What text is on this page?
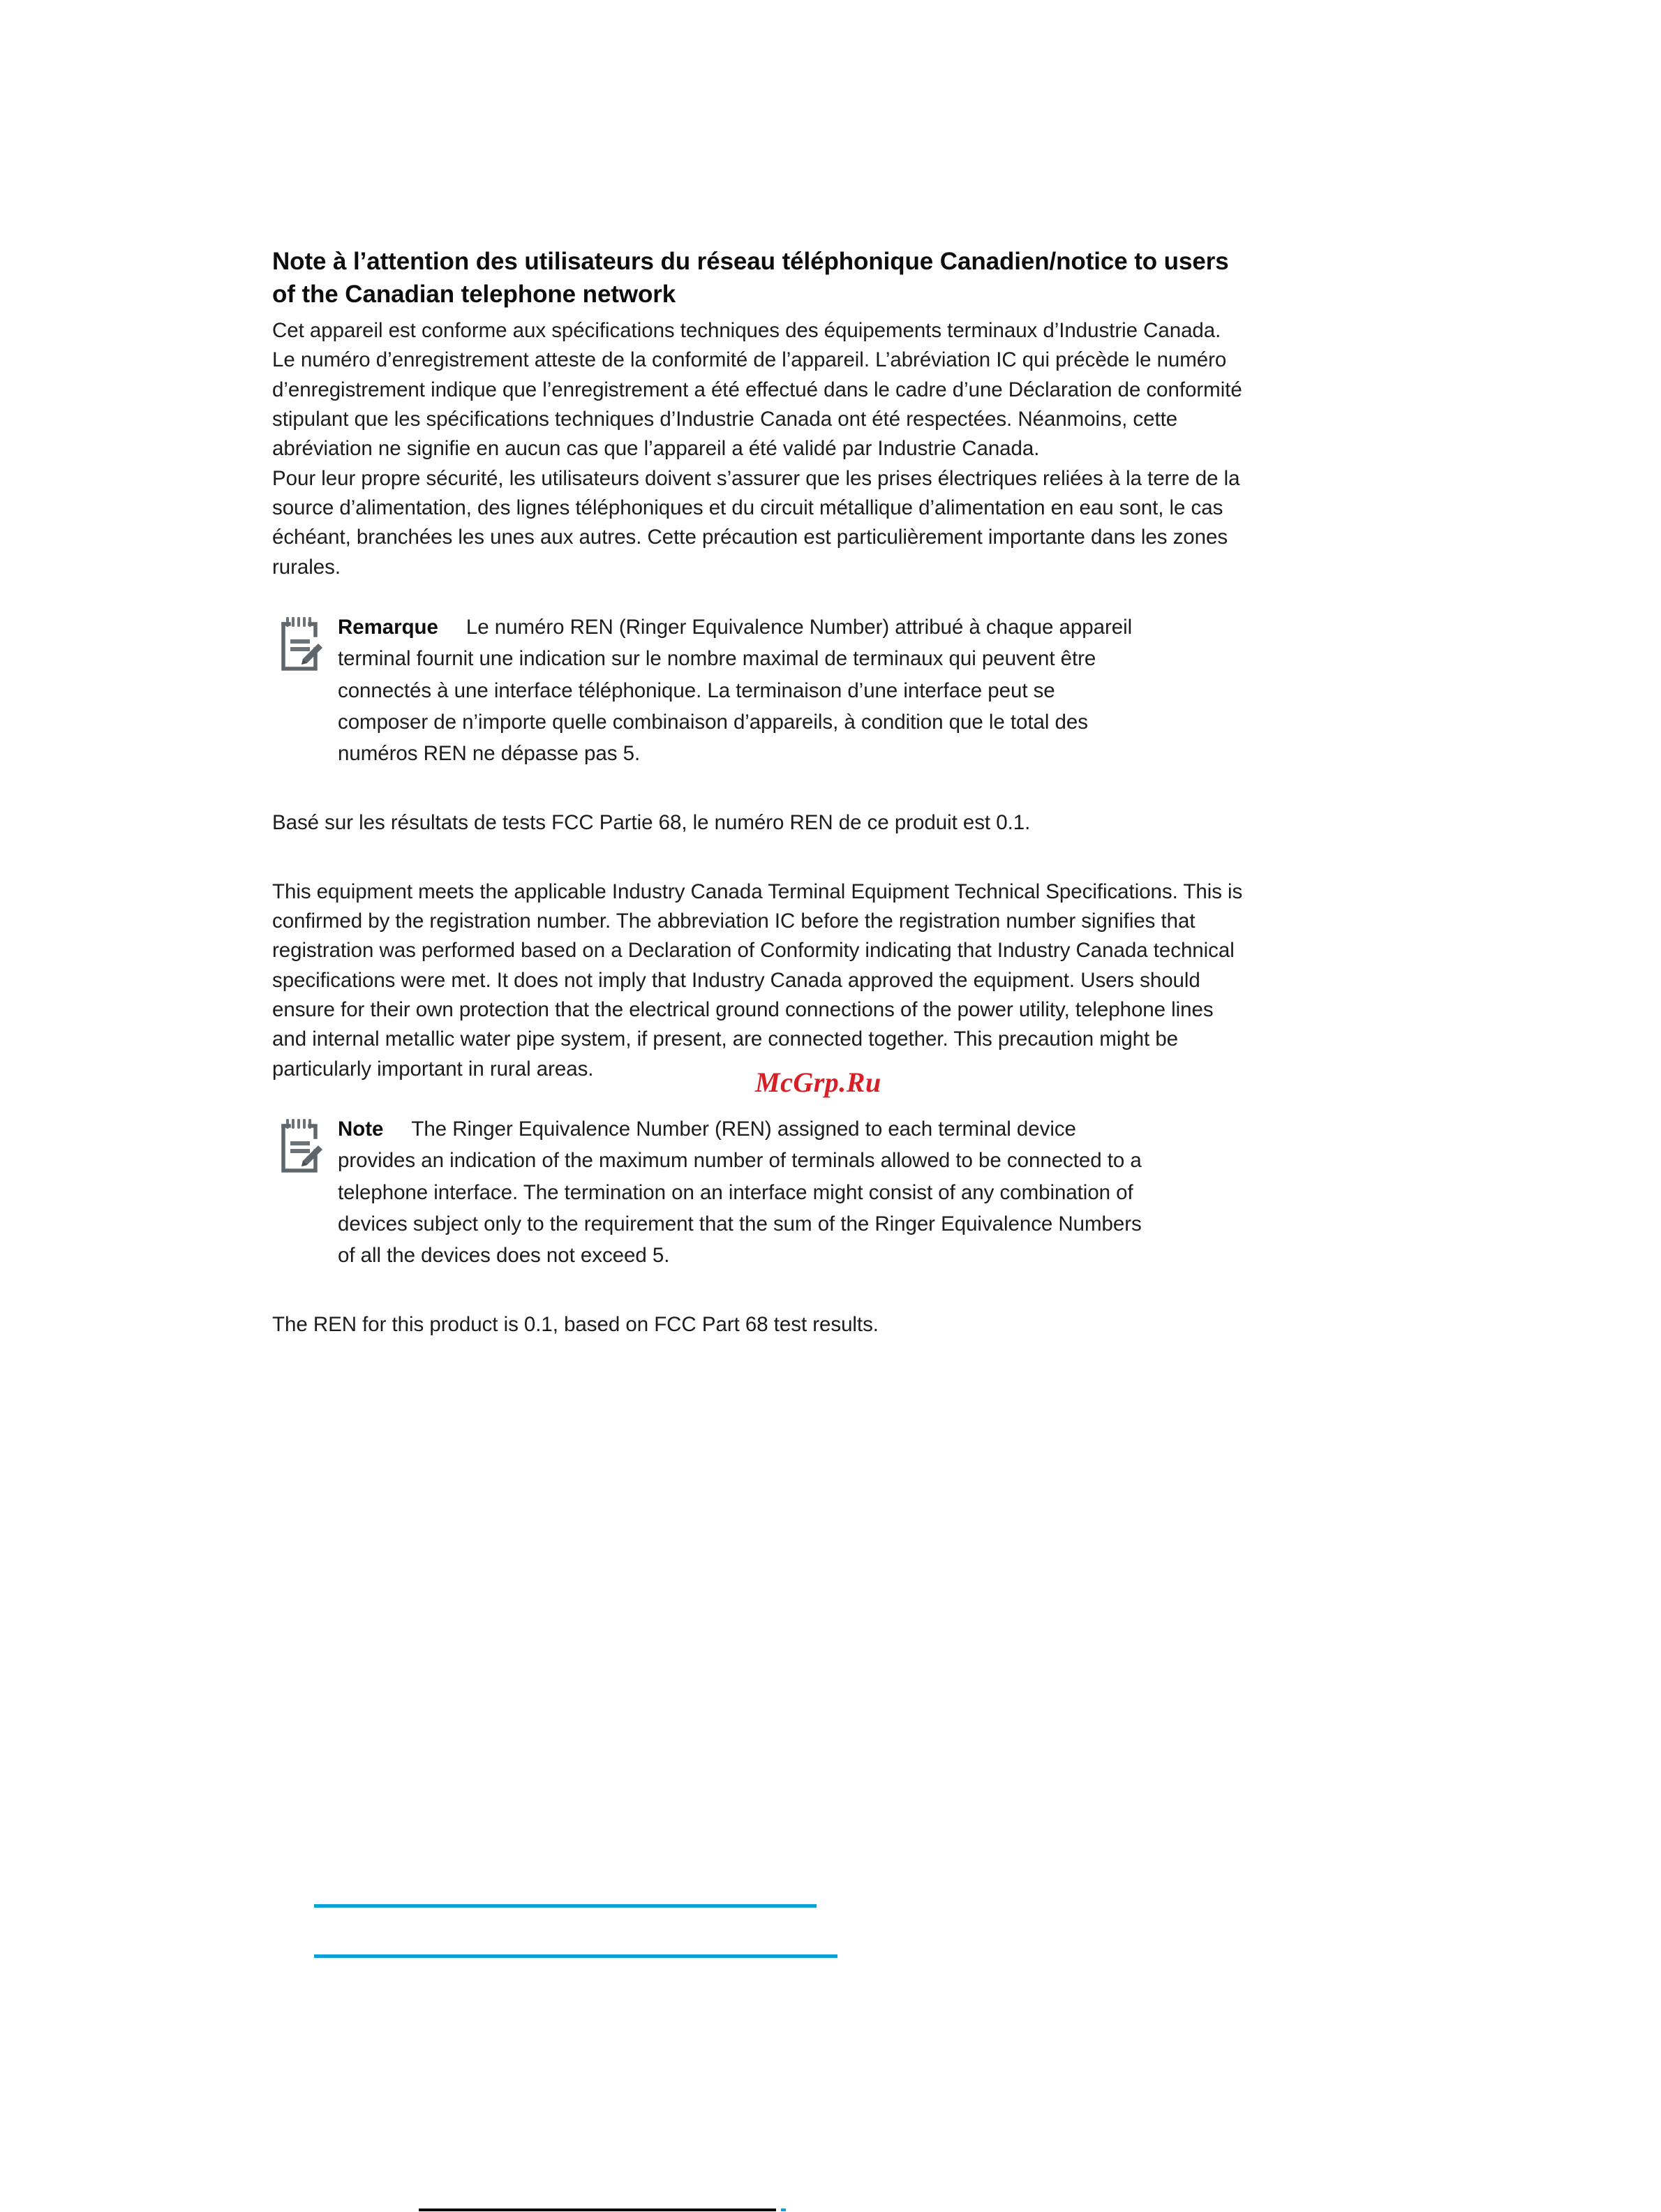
Note à l’attention des utilisateurs du réseau téléphonique Canadien/notice to users of the Canadian telephone network

Cet appareil est conforme aux spécifications techniques des équipements terminaux d’Industrie Canada. Le numéro d’enregistrement atteste de la conformité de l’appareil. L’abréviation IC qui précède le numéro d’enregistrement indique que l’enregistrement a été effectué dans le cadre d’une Déclaration de conformité stipulant que les spécifications techniques d’Industrie Canada ont été respectées. Néanmoins, cette abréviation ne signifie en aucun cas que l’appareil a été validé par Industrie Canada.

Pour leur propre sécurité, les utilisateurs doivent s’assurer que les prises électriques reliées à la terre de la source d’alimentation, des lignes téléphoniques et du circuit métallique d’alimentation en eau sont, le cas échéant, branchées les unes aux autres. Cette précaution est particulièrement importante dans les zones rurales.

Remarque Le numéro REN (Ringer Equivalence Number) attribué à chaque appareil terminal fournit une indication sur le nombre maximal de terminaux qui peuvent être connectés à une interface téléphonique. La terminaison d’une interface peut se composer de n’importe quelle combinaison d’appareils, à condition que le total des numéros REN ne dépasse pas 5.

Basé sur les résultats de tests FCC Partie 68, le numéro REN de ce produit est 0.1.

This equipment meets the applicable Industry Canada Terminal Equipment Technical Specifications. This is confirmed by the registration number. The abbreviation IC before the registration number signifies that registration was performed based on a Declaration of Conformity indicating that Industry Canada technical specifications were met. It does not imply that Industry Canada approved the equipment. Users should ensure for their own protection that the electrical ground connections of the power utility, telephone lines and internal metallic water pipe system, if present, are connected together. This precaution might be particularly important in rural areas.

Note The Ringer Equivalence Number (REN) assigned to each terminal device provides an indication of the maximum number of terminals allowed to be connected to a telephone interface. The termination on an interface might consist of any combination of devices subject only to the requirement that the sum of the Ringer Equivalence Numbers of all the devices does not exceed 5.

The REN for this product is 0.1, based on FCC Part 68 test results.

McGrp.Ru
